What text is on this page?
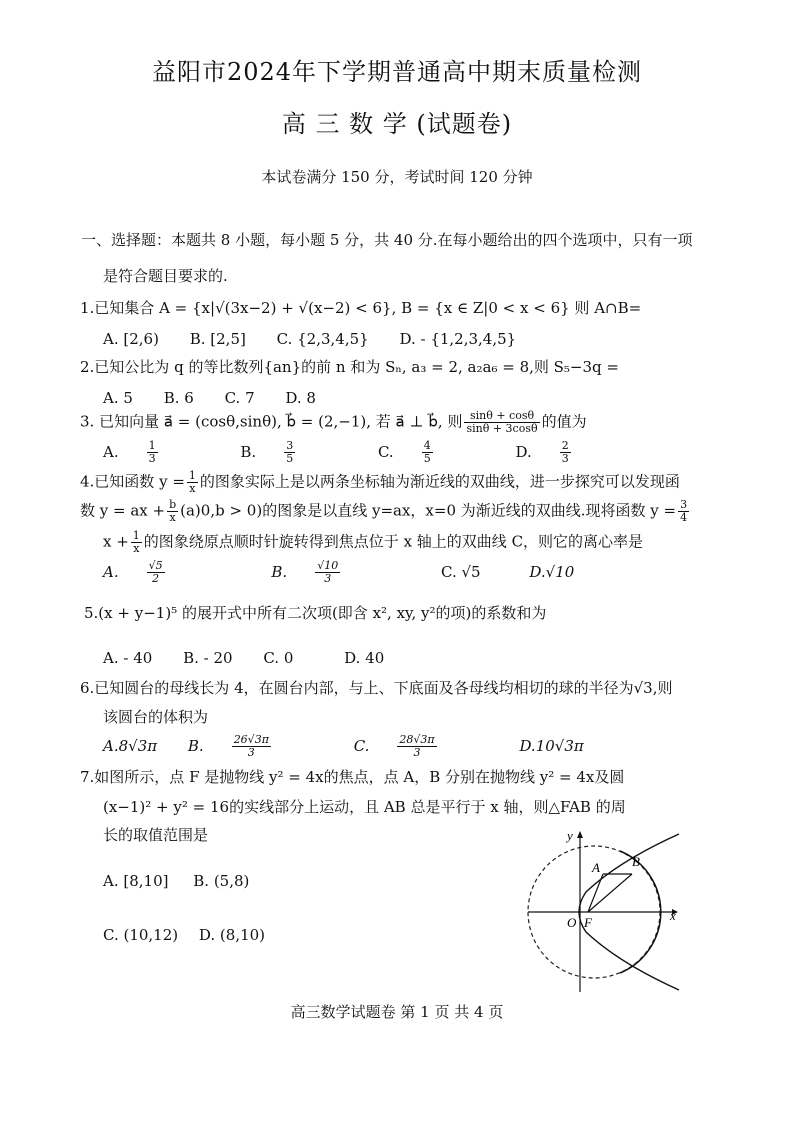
益阳市2024年下学期普通高中期末质量检测
高 三 数 学 (试题卷)
本试卷满分 150 分，考试时间 120 分钟
一、选择题：本题共 8 小题，每小题 5 分，共 40 分.在每小题给出的四个选项中，只有一项
是符合题目要求的.
1.已知集合 A = {x|√(3x−2) + √(x−2) < 6}, B = {x ∈ Z|0 < x < 6} 则 A∩B=
A. [2,6) B. [2,5] C. {2,3,4,5} D. - {1,2,3,4,5}
2.已知公比为 q 的等比数列{an}的前 n 和为 Sₙ, a₃ = 2, a₂a₆ = 8,则 S₅−3q =
A. 5 B. 6 C. 7 D. 8
3. 已知向量 a⃗ = (cosθ,sinθ), b⃗ = (2,−1), 若 a⃗ ⊥ b⃗, 则 $\frac{\sin\theta + \cos\theta}{\sin\theta + 3\cos\theta}$ 的值为
A.	$\frac{1}{3}$	B.	$\frac{3}{5}$	C.	$\frac{4}{5}$	D.	$\frac{2}{3}$
4.已知函数 $y = \frac{1}{x}$ 的图象实际上是以两条坐标轴为渐近线的双曲线，进一步探究可以发现函
数 y = ax + $\frac{b}{x} (a)0,b > 0$)的图象是以直线 y=ax，x=0 为渐近线的双曲线.现将函数 $y = \frac{3}{4}$
$x + \frac{1}{x}$ 的图象绕原点顺时针旋转得到焦点位于 x 轴上的双曲线 C，则它的离心率是
A.	$\frac{√5}{2}$	B.	$\frac{√10}{3}$	C. √5	D.√10
5.(x + y−1)⁵ 的展开式中所有二次项(即含 x², xy, y²的项)的系数和为
A. - 40 B. - 20 C. 0	D. 40
6.已知圆台的母线长为 4，在圆台内部，与上、下底面及各母线均相切的球的半径为√3,则
该圆台的体积为
A.8√3π B.	$\frac{26√3\pi}{3}$	C.	$\frac{28√3\pi}{3}$	D.10√3π
7.如图所示，点 F 是抛物线 y² = 4x的焦点，点 A，B 分别在抛物线 y² = 4x及圆
(x−1)² + y² = 16的实线部分上运动，且 AB 总是平行于 x 轴，则△FAB 的周
长的取值范围是
A. [8,10] B. (5,8)
C. (10,12) D. (8,10)
y
x
O F
A B
高三数学试题卷 第 1 页 共 4 页
